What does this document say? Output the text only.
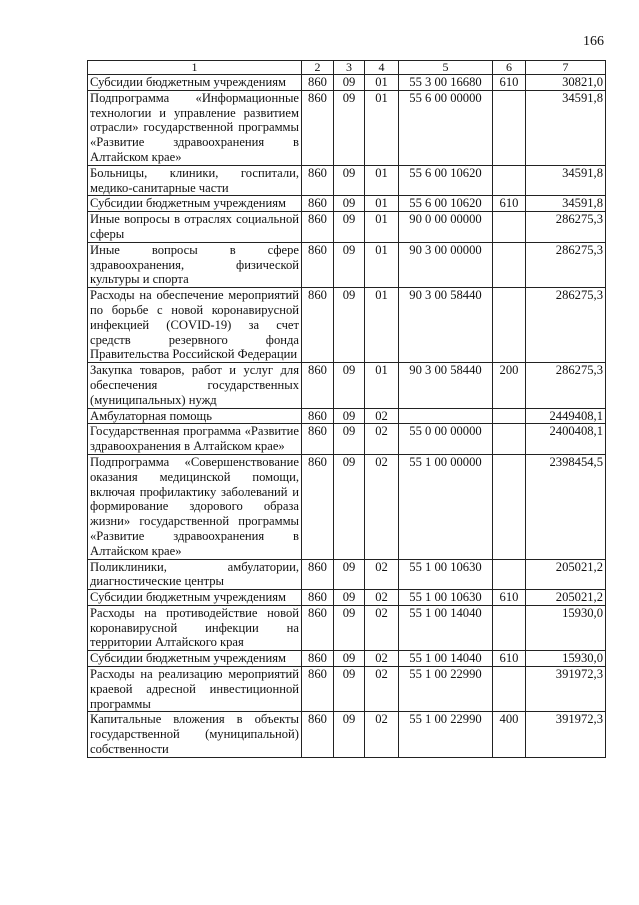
166
1	2	3	4	5	6	7
Субсидии бюджетным учреждениям	860	09	01	55 3 00 16680	610	30821,0
Подпрограмма «Информационные технологии и управление развитием отрасли» государственной программы «Развитие здравоохранения в Алтайском крае»	860	09	01	55 6 00 00000		34591,8
Больницы, клиники, госпитали, медико-санитарные части	860	09	01	55 6 00 10620		34591,8
Субсидии бюджетным учреждениям	860	09	01	55 6 00 10620	610	34591,8
Иные вопросы в отраслях социальной сферы	860	09	01	90 0 00 00000		286275,3
Иные вопросы в сфере здравоохранения, физической культуры и спорта	860	09	01	90 3 00 00000		286275,3
Расходы на обеспечение мероприятий по борьбе с новой коронавирусной инфекцией (COVID-19) за счет средств резервного фонда Правительства Российской Федерации	860	09	01	90 3 00 58440		286275,3
Закупка товаров, работ и услуг для обеспечения государственных (муниципальных) нужд	860	09	01	90 3 00 58440	200	286275,3
Амбулаторная помощь	860	09	02			2449408,1
Государственная программа «Развитие здравоохранения в Алтайском крае»	860	09	02	55 0 00 00000		2400408,1
Подпрограмма «Совершенствование оказания медицинской помощи, включая профилактику заболеваний и формирование здорового образа жизни» государственной программы «Развитие здравоохранения в Алтайском крае»	860	09	02	55 1 00 00000		2398454,5
Поликлиники, амбулатории, диагностические центры	860	09	02	55 1 00 10630		205021,2
Субсидии бюджетным учреждениям	860	09	02	55 1 00 10630	610	205021,2
Расходы на противодействие новой коронавирусной инфекции на территории Алтайского края	860	09	02	55 1 00 14040		15930,0
Субсидии бюджетным учреждениям	860	09	02	55 1 00 14040	610	15930,0
Расходы на реализацию мероприятий краевой адресной инвестиционной программы	860	09	02	55 1 00 22990		391972,3
Капитальные вложения в объекты государственной (муниципальной) собственности	860	09	02	55 1 00 22990	400	391972,3
